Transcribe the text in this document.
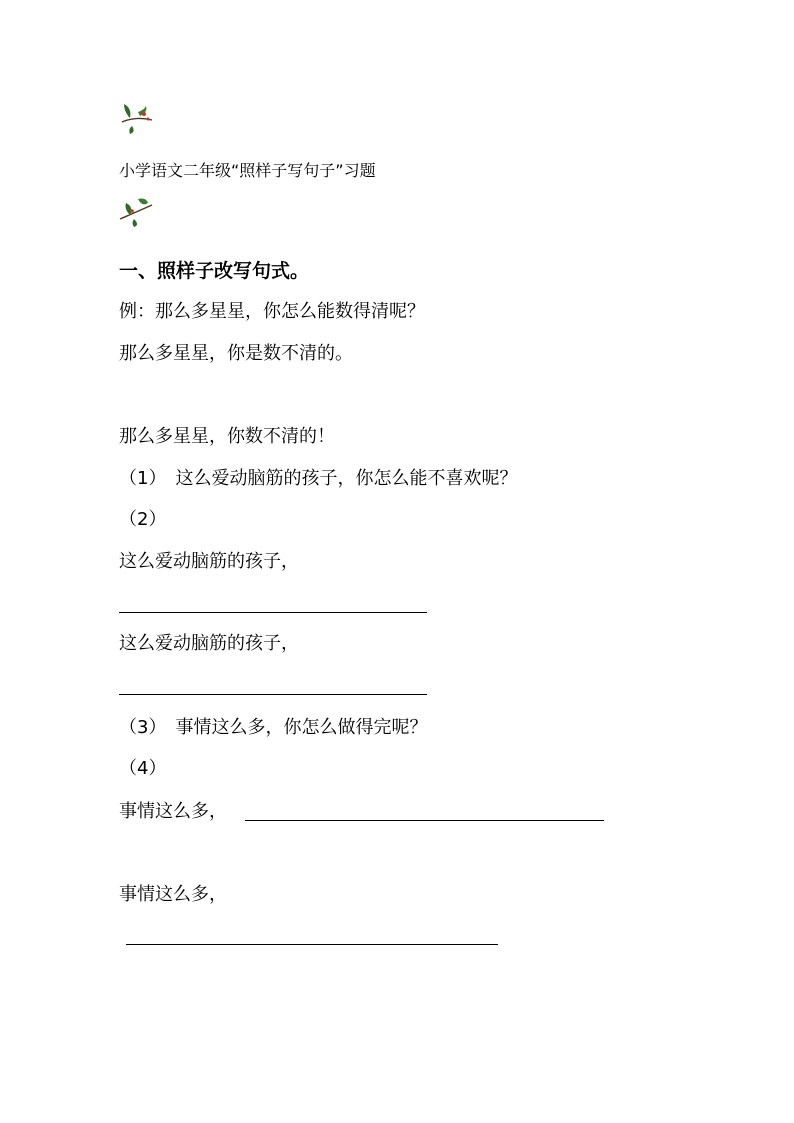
小学语文二年级“照样子写句子”习题
一、照样子改写句式。
例：那么多星星，你怎么能数得清呢？
那么多星星，你是数不清的。
那么多星星，你数不清的！
（1）　这么爱动脑筋的孩子，你怎么能不喜欢呢？
（2）
这么爱动脑筋的孩子，
这么爱动脑筋的孩子，
（3）　事情这么多，你怎么做得完呢？
（4）
事情这么多，
事情这么多，
